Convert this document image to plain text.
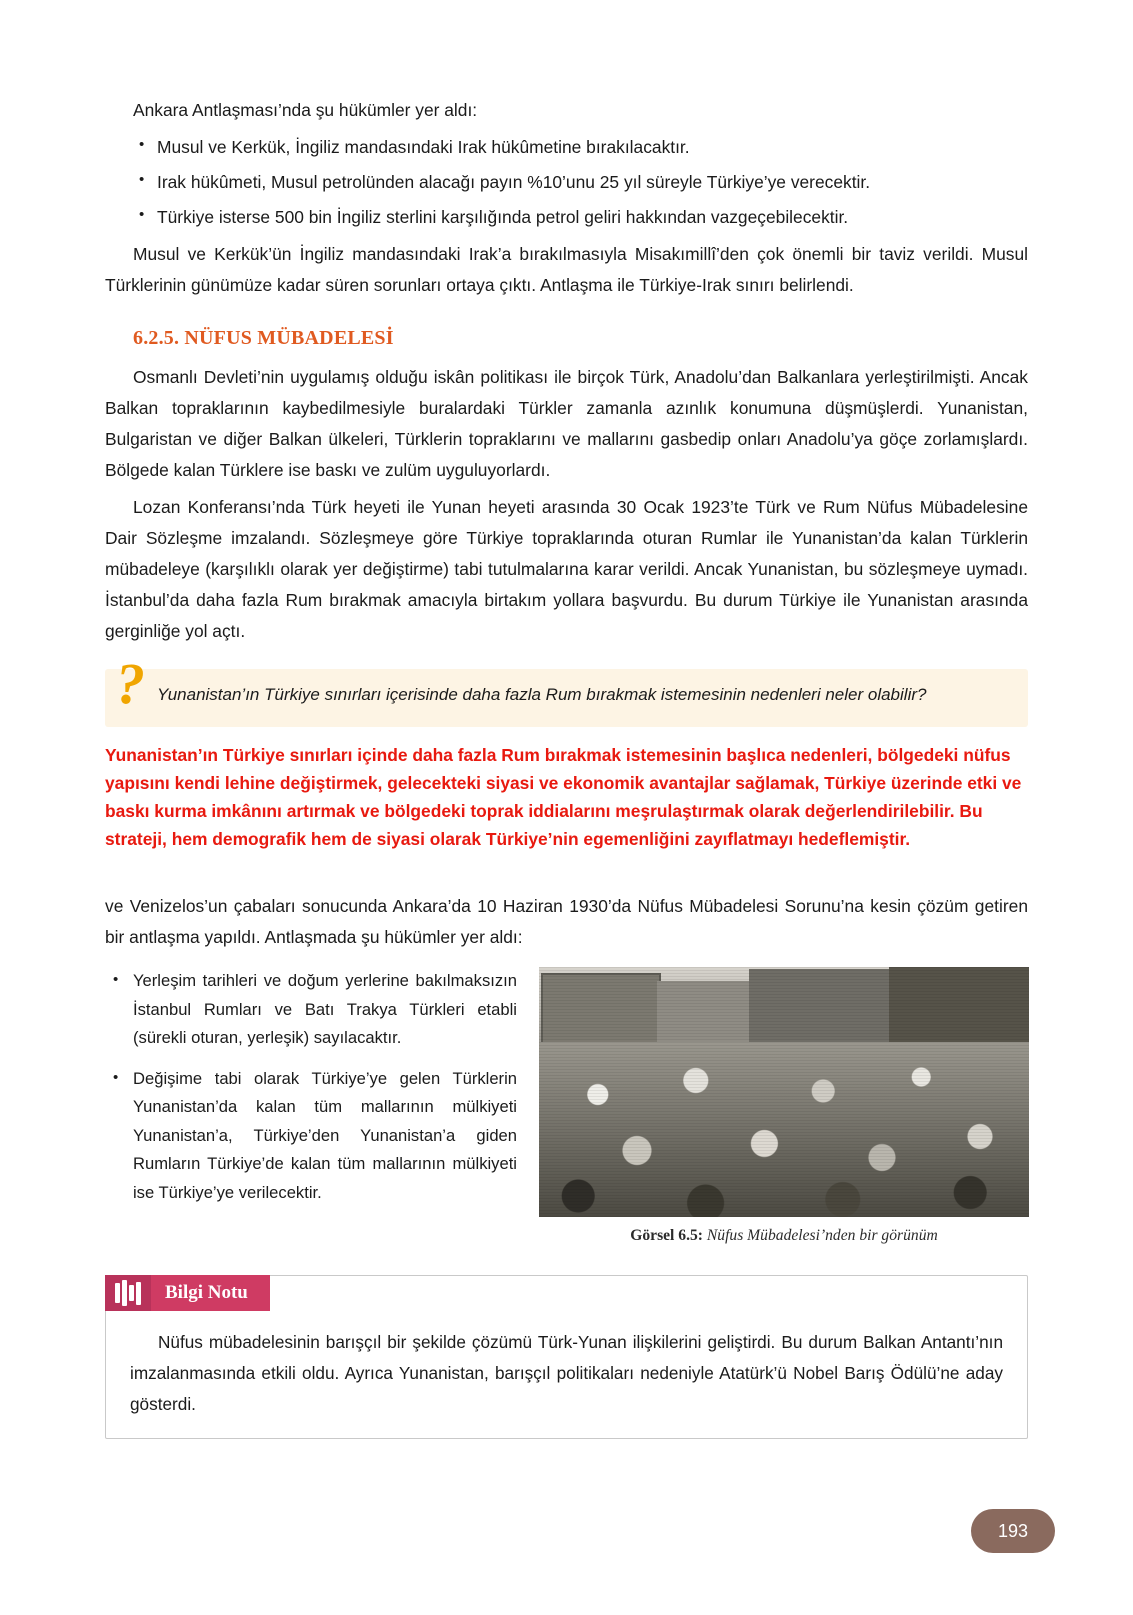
Ankara Antlaşması’nda şu hükümler yer aldı:

• Musul ve Kerkük, İngiliz mandasındaki Irak hükûmetine bırakılacaktır.
• Irak hükûmeti, Musul petrolünden alacağı payın %10’unu 25 yıl süreyle Türkiye’ye verecektir.
• Türkiye isterse 500 bin İngiliz sterlini karşılığında petrol geliri hakkından vazgeçebilecektir.

Musul ve Kerkük’ün İngiliz mandasındaki Irak’a bırakılmasıyla Misakımillî’den çok önemli bir taviz verildi. Musul Türklerinin günümüze kadar süren sorunları ortaya çıktı. Antlaşma ile Türkiye-Irak sınırı belirlendi.

6.2.5. NÜFUS MÜBADELESİ

Osmanlı Devleti’nin uygulamış olduğu iskân politikası ile birçok Türk, Anadolu’dan Balkanlara yerleştirilmişti. Ancak Balkan topraklarının kaybedilmesiyle buralardaki Türkler zamanla azınlık konumuna düşmüşlerdi. Yunanistan, Bulgaristan ve diğer Balkan ülkeleri, Türklerin topraklarını ve mallarını gasbedip onları Anadolu’ya göçe zorlamışlardı. Bölgede kalan Türklere ise baskı ve zulüm uyguluyorlardı.

Lozan Konferansı’nda Türk heyeti ile Yunan heyeti arasında 30 Ocak 1923’te Türk ve Rum Nüfus Mübadelesine Dair Sözleşme imzalandı. Sözleşmeye göre Türkiye topraklarında oturan Rumlar ile Yunanistan’da kalan Türklerin mübadeleye (karşılıklı olarak yer değiştirme) tabi tutulmalarına karar verildi. Ancak Yunanistan, bu sözleşmeye uymadı. İstanbul’da daha fazla Rum bırakmak amacıyla birtakım yollara başvurdu. Bu durum Türkiye ile Yunanistan arasında gerginliğe yol açtı.

? Yunanistan’ın Türkiye sınırları içerisinde daha fazla Rum bırakmak istemesinin nedenleri neler olabilir?

Yunanistan’ın Türkiye sınırları içinde daha fazla Rum bırakmak istemesinin başlıca nedenleri, bölgedeki nüfus yapısını kendi lehine değiştirmek, gelecekteki siyasi ve ekonomik avantajlar sağlamak, Türkiye üzerinde etki ve baskı kurma imkânını artırmak ve bölgedeki toprak iddialarını meşrulaştırmak olarak değerlendirilebilir. Bu strateji, hem demografik hem de siyasi olarak Türkiye’nin egemenliğini zayıflatmayı hedeflemiştir.

ve Venizelos’un çabaları sonucunda Ankara’da 10 Haziran 1930’da Nüfus Mübadelesi Sorunu’na kesin çözüm getiren bir antlaşma yapıldı. Antlaşmada şu hükümler yer aldı:

• Yerleşim tarihleri ve doğum yerlerine bakılmaksızın İstanbul Rumları ve Batı Trakya Türkleri etabli (sürekli oturan, yerleşik) sayılacaktır.
• Değişime tabi olarak Türkiye’ye gelen Türklerin Yunanistan’da kalan tüm mallarının mülkiyeti Yunanistan’a, Türkiye’den Yunanistan’a giden Rumların Türkiye’de kalan tüm mallarının mülkiyeti ise Türkiye’ye verilecektir.
Görsel 6.5: Nüfus Mübadelesi’nden bir görünüm
Bilgi Notu
Nüfus mübadelesinin barışçıl bir şekilde çözümü Türk-Yunan ilişkilerini geliştirdi. Bu durum Balkan Antantı’nın imzalanmasında etkili oldu. Ayrıca Yunanistan, barışçıl politikaları nedeniyle Atatürk’ü Nobel Barış Ödülü’ne aday gösterdi.
193
